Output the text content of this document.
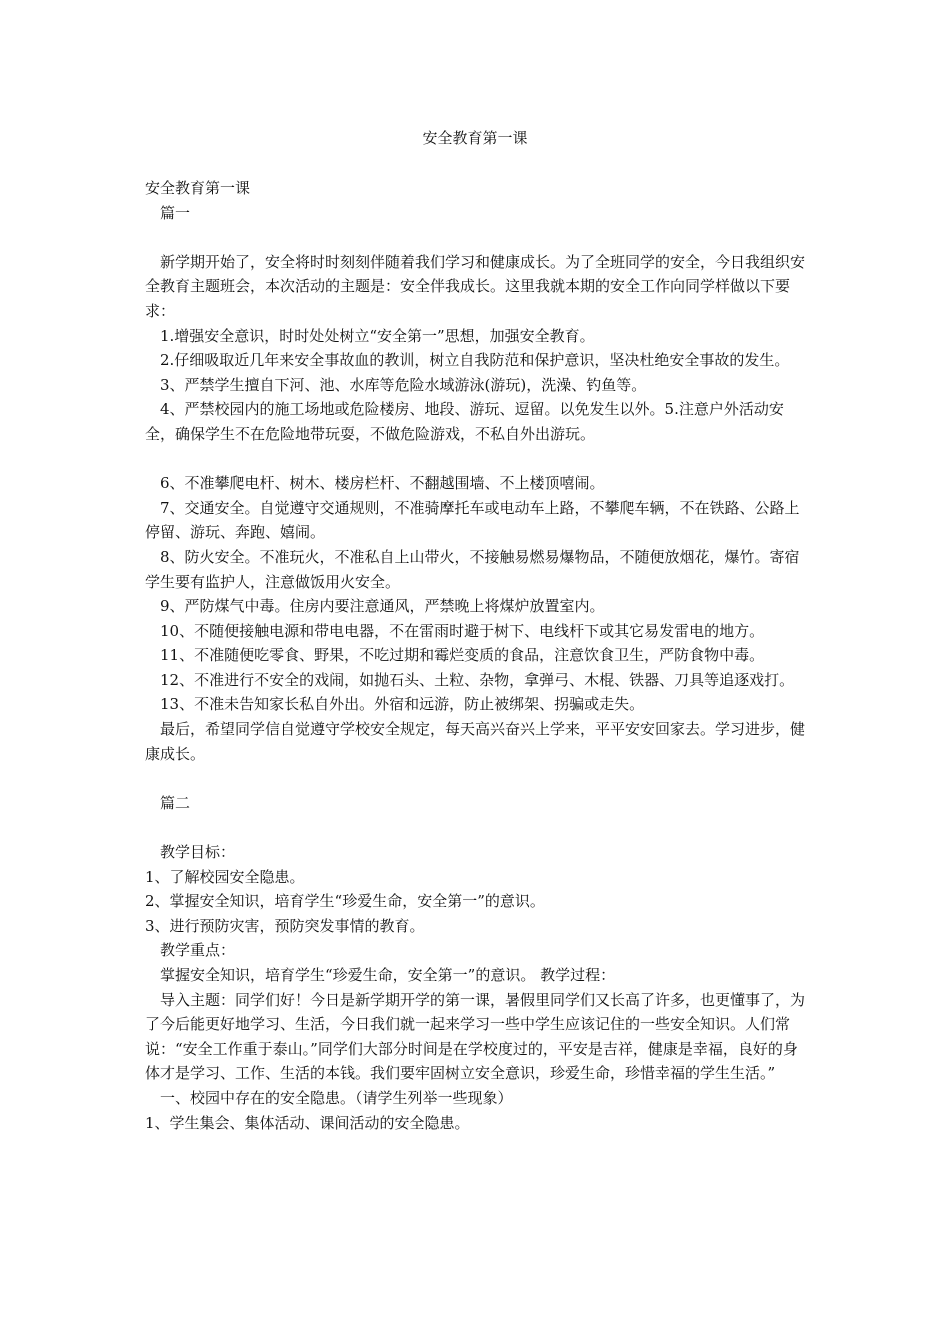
安全教育第一课

安全教育第一课

篇一

新学期开始了，安全将时时刻刻伴随着我们学习和健康成长。为了全班同学的安全，今日我组织安全教育主题班会，本次活动的主题是：安全伴我成长。这里我就本期的安全工作向同学样做以下要求：

1.增强安全意识，时时处处树立“安全第一”思想，加强安全教育。

2.仔细吸取近几年来安全事故血的教训，树立自我防范和保护意识，坚决杜绝安全事故的发生。

3、严禁学生擅自下河、池、水库等危险水域游泳(游玩)，洗澡、钓鱼等。

4、严禁校园内的施工场地或危险楼房、地段、游玩、逗留。以免发生以外。5.注意户外活动安全，确保学生不在危险地带玩耍，不做危险游戏，不私自外出游玩。

6、不准攀爬电杆、树木、楼房栏杆、不翻越围墙、不上楼顶嘻闹。

7、交通安全。自觉遵守交通规则，不准骑摩托车或电动车上路，不攀爬车辆，不在铁路、公路上停留、游玩、奔跑、嬉闹。

8、防火安全。不准玩火，不准私自上山带火，不接触易燃易爆物品，不随便放烟花，爆竹。寄宿学生要有监护人，注意做饭用火安全。

9、严防煤气中毒。住房内要注意通风，严禁晚上将煤炉放置室内。

10、不随便接触电源和带电电器，不在雷雨时避于树下、电线杆下或其它易发雷电的地方。

11、不准随便吃零食、野果，不吃过期和霉烂变质的食品，注意饮食卫生，严防食物中毒。

12、不准进行不安全的戏闹，如抛石头、土粒、杂物，拿弹弓、木棍、铁器、刀具等追逐戏打。

13、不准未告知家长私自外出。外宿和远游，防止被绑架、拐骗或走失。

最后，希望同学信自觉遵守学校安全规定，每天高兴奋兴上学来，平平安安回家去。学习进步，健康成长。

篇二

教学目标：

1、了解校园安全隐患。

2、掌握安全知识，培育学生“珍爱生命，安全第一”的意识。

3、进行预防灾害，预防突发事情的教育。

教学重点：

掌握安全知识，培育学生“珍爱生命，安全第一”的意识。 教学过程：

导入主题：同学们好！今日是新学期开学的第一课，暑假里同学们又长高了许多，也更懂事了，为了今后能更好地学习、生活，今日我们就一起来学习一些中学生应该记住的一些安全知识。人们常说：“安全工作重于泰山。”同学们大部分时间是在学校度过的，平安是吉祥，健康是幸福，良好的身体才是学习、工作、生活的本钱。我们要牢固树立安全意识，珍爱生命，珍惜幸福的学生生活。”

一、校园中存在的安全隐患。（请学生列举一些现象）

1、学生集会、集体活动、课间活动的安全隐患。
